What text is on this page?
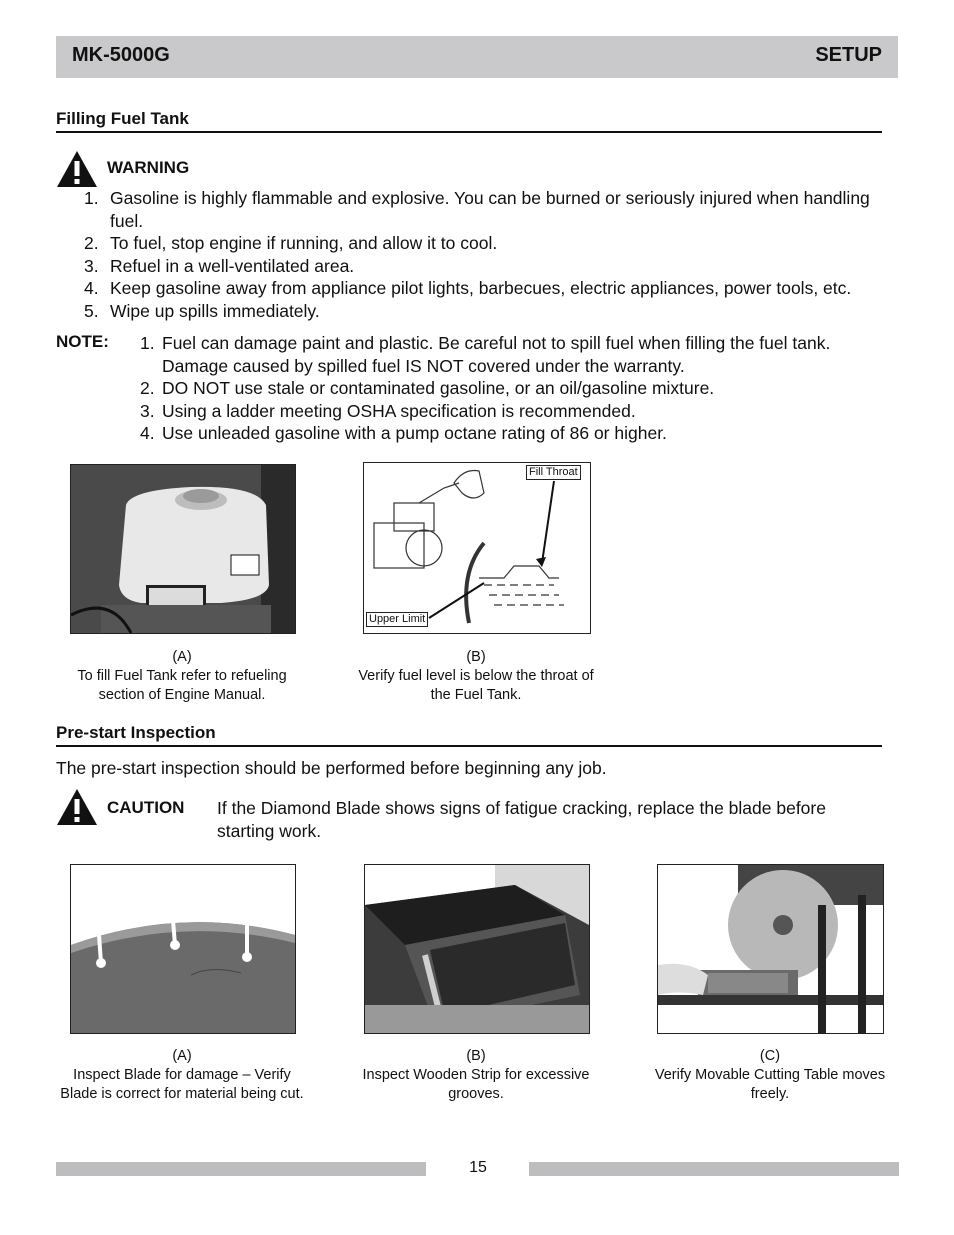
MK-5000G	SETUP
Filling Fuel Tank
WARNING
1. Gasoline is highly flammable and explosive. You can be burned or seriously injured when handling fuel.
2. To fuel, stop engine if running, and allow it to cool.
3. Refuel in a well-ventilated area.
4. Keep gasoline away from appliance pilot lights, barbecues, electric appliances, power tools, etc.
5. Wipe up spills immediately.
NOTE: 1. Fuel can damage paint and plastic. Be careful not to spill fuel when filling the fuel tank. Damage caused by spilled fuel IS NOT covered under the warranty.
2. DO NOT use stale or contaminated gasoline, or an oil/gasoline mixture.
3. Using a ladder meeting OSHA specification is recommended.
4. Use unleaded gasoline with a pump octane rating of 86 or higher.
(A)
To fill Fuel Tank refer to refueling section of Engine Manual.
Fill Throat
Upper Limit
(B)
Verify fuel level is below the throat of the Fuel Tank.
Pre-start Inspection
The pre-start inspection should be performed before beginning any job.
CAUTION If the Diamond Blade shows signs of fatigue cracking, replace the blade before starting work.
(A)
Inspect Blade for damage – Verify Blade is correct for material being cut.
(B)
Inspect Wooden Strip for excessive grooves.
(C)
Verify Movable Cutting Table moves freely.
15
